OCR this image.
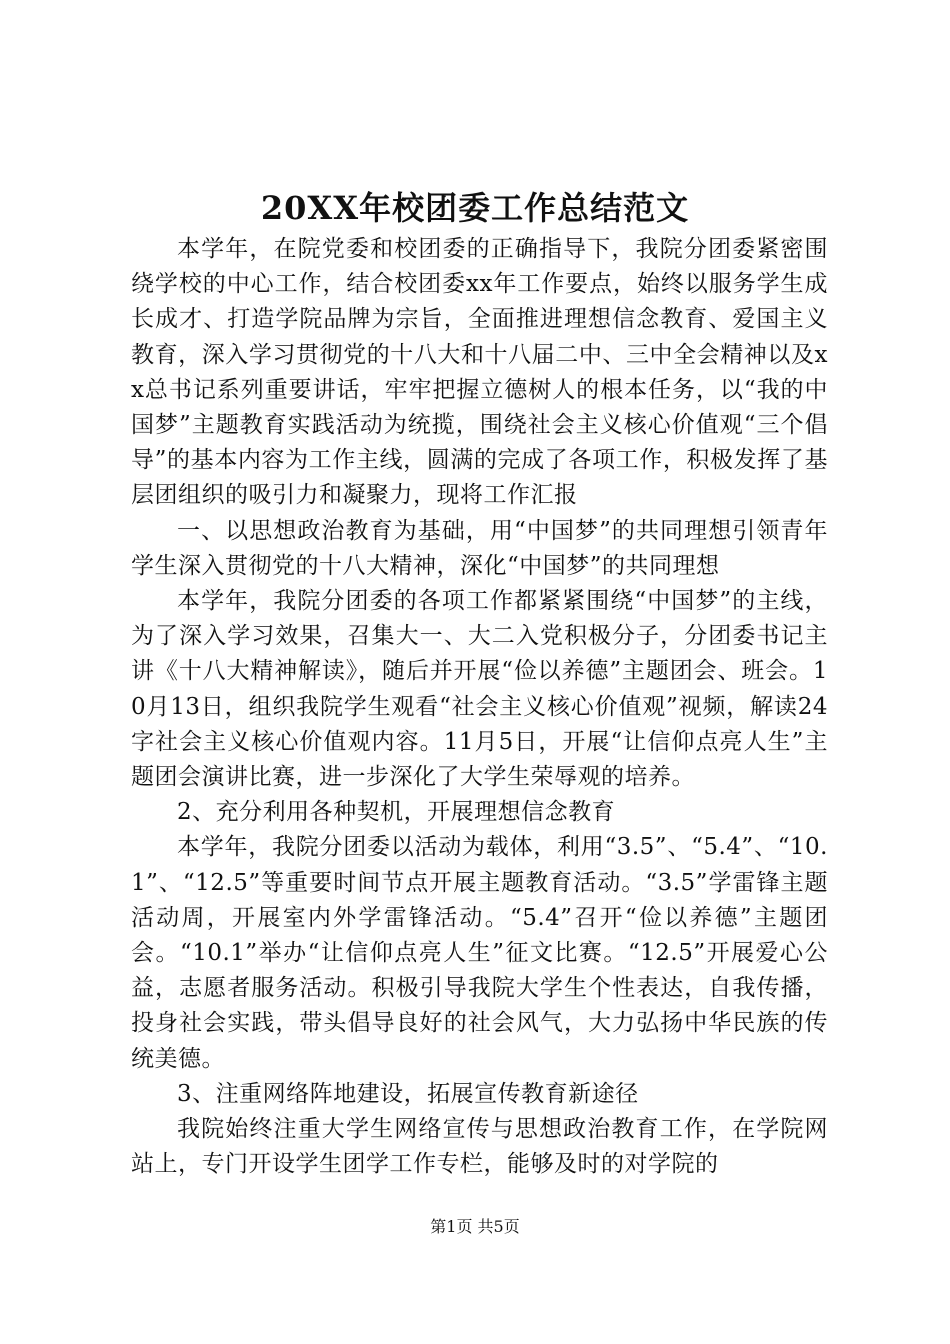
20XX年校团委工作总结范文

本学年，在院党委和校团委的正确指导下，我院分团委紧密围绕学校的中心工作，结合校团委xx年工作要点，始终以服务学生成长成才、打造学院品牌为宗旨，全面推进理想信念教育、爱国主义教育，深入学习贯彻党的十八大和十八届二中、三中全会精神以及xx总书记系列重要讲话，牢牢把握立德树人的根本任务，以“我的中国梦”主题教育实践活动为统揽，围绕社会主义核心价值观“三个倡导”的基本内容为工作主线，圆满的完成了各项工作，积极发挥了基层团组织的吸引力和凝聚力，现将工作汇报

一、以思想政治教育为基础，用“中国梦”的共同理想引领青年学生深入贯彻党的十八大精神，深化“中国梦”的共同理想

本学年，我院分团委的各项工作都紧紧围绕“中国梦”的主线，为了深入学习效果，召集大一、大二入党积极分子，分团委书记主讲《十八大精神解读》，随后并开展“俭以养德”主题团会、班会。10月13日，组织我院学生观看“社会主义核心价值观”视频，解读24字社会主义核心价值观内容。11月5日，开展“让信仰点亮人生”主题团会演讲比赛，进一步深化了大学生荣辱观的培养。

2、充分利用各种契机，开展理想信念教育

本学年，我院分团委以活动为载体，利用“3.5”、“5.4”、“10.1”、“12.5”等重要时间节点开展主题教育活动。“3.5”学雷锋主题活动周，开展室内外学雷锋活动。“5.4”召开“俭以养德”主题团会。“10.1”举办“让信仰点亮人生”征文比赛。“12.5”开展爱心公益，志愿者服务活动。积极引导我院大学生个性表达，自我传播，投身社会实践，带头倡导良好的社会风气，大力弘扬中华民族的传统美德。

3、注重网络阵地建设，拓展宣传教育新途径

我院始终注重大学生网络宣传与思想政治教育工作，在学院网站上，专门开设学生团学工作专栏，能够及时的对学院的

第1页 共5页
